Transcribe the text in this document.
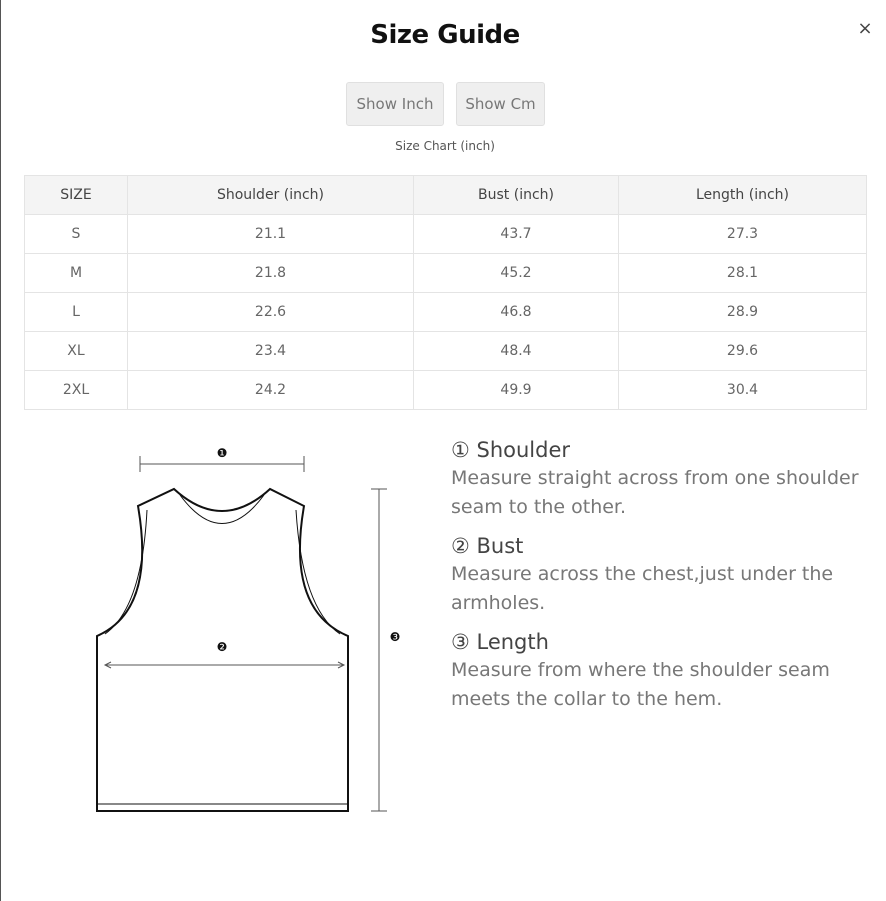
Size Guide	×
Show Inch	Show Cm
Size Chart (inch)
SIZE	Shoulder (inch)	Bust (inch)	Length (inch)
S	21.1	43.7	27.3
M	21.8	45.2	28.1
L	22.6	46.8	28.9
XL	23.4	48.4	29.6
2XL	24.2	49.9	30.4
❶
❷
❸
① Shoulder
Measure straight across from one shoulder seam to the other.
② Bust
Measure across the chest,just under the armholes.
③ Length
Measure from where the shoulder seam meets the collar to the hem.
